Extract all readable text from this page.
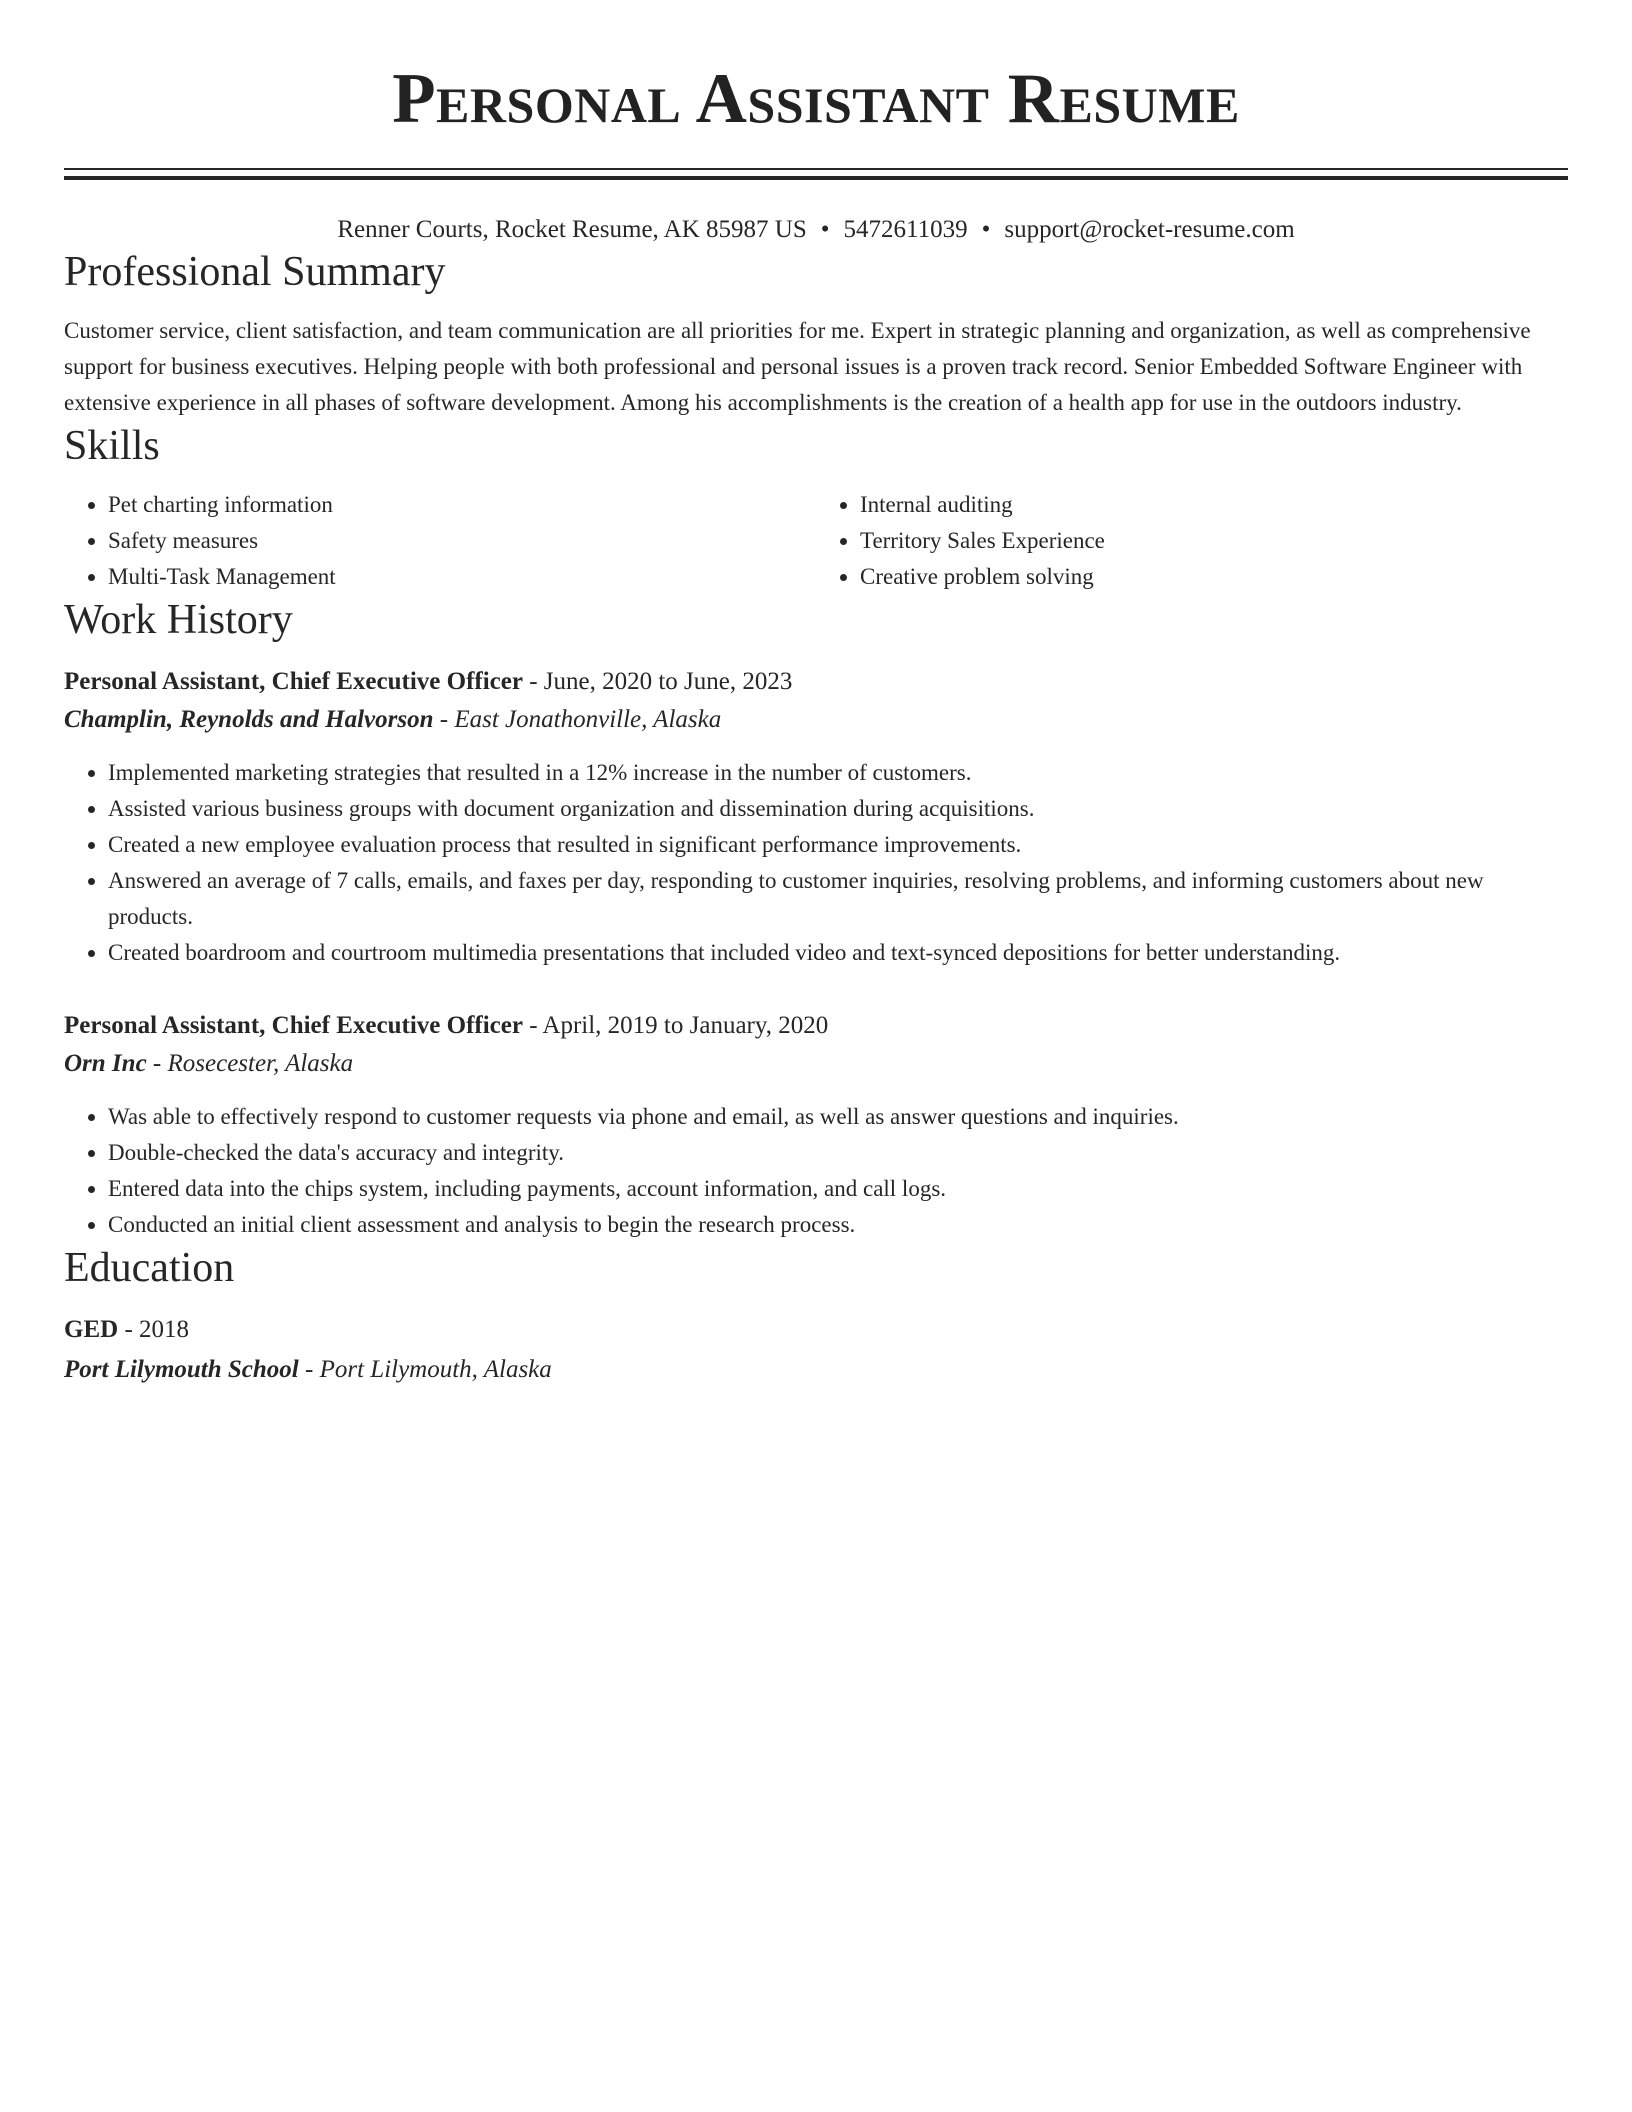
Personal Assistant Resume
Renner Courts, Rocket Resume, AK 85987 US • 5472611039 • support@rocket-resume.com
Professional Summary
Customer service, client satisfaction, and team communication are all priorities for me. Expert in strategic planning and organization, as well as comprehensive support for business executives. Helping people with both professional and personal issues is a proven track record. Senior Embedded Software Engineer with extensive experience in all phases of software development. Among his accomplishments is the creation of a health app for use in the outdoors industry.
Skills
• Pet charting information
• Safety measures
• Multi-Task Management
• Internal auditing
• Territory Sales Experience
• Creative problem solving
Work History
Personal Assistant, Chief Executive Officer - June, 2020 to June, 2023
Champlin, Reynolds and Halvorson - East Jonathonville, Alaska
• Implemented marketing strategies that resulted in a 12% increase in the number of customers.
• Assisted various business groups with document organization and dissemination during acquisitions.
• Created a new employee evaluation process that resulted in significant performance improvements.
• Answered an average of 7 calls, emails, and faxes per day, responding to customer inquiries, resolving problems, and informing customers about new products.
• Created boardroom and courtroom multimedia presentations that included video and text-synced depositions for better understanding.
Personal Assistant, Chief Executive Officer - April, 2019 to January, 2020
Orn Inc - Rosecester, Alaska
• Was able to effectively respond to customer requests via phone and email, as well as answer questions and inquiries.
• Double-checked the data's accuracy and integrity.
• Entered data into the chips system, including payments, account information, and call logs.
• Conducted an initial client assessment and analysis to begin the research process.
Education
GED - 2018
Port Lilymouth School - Port Lilymouth, Alaska
